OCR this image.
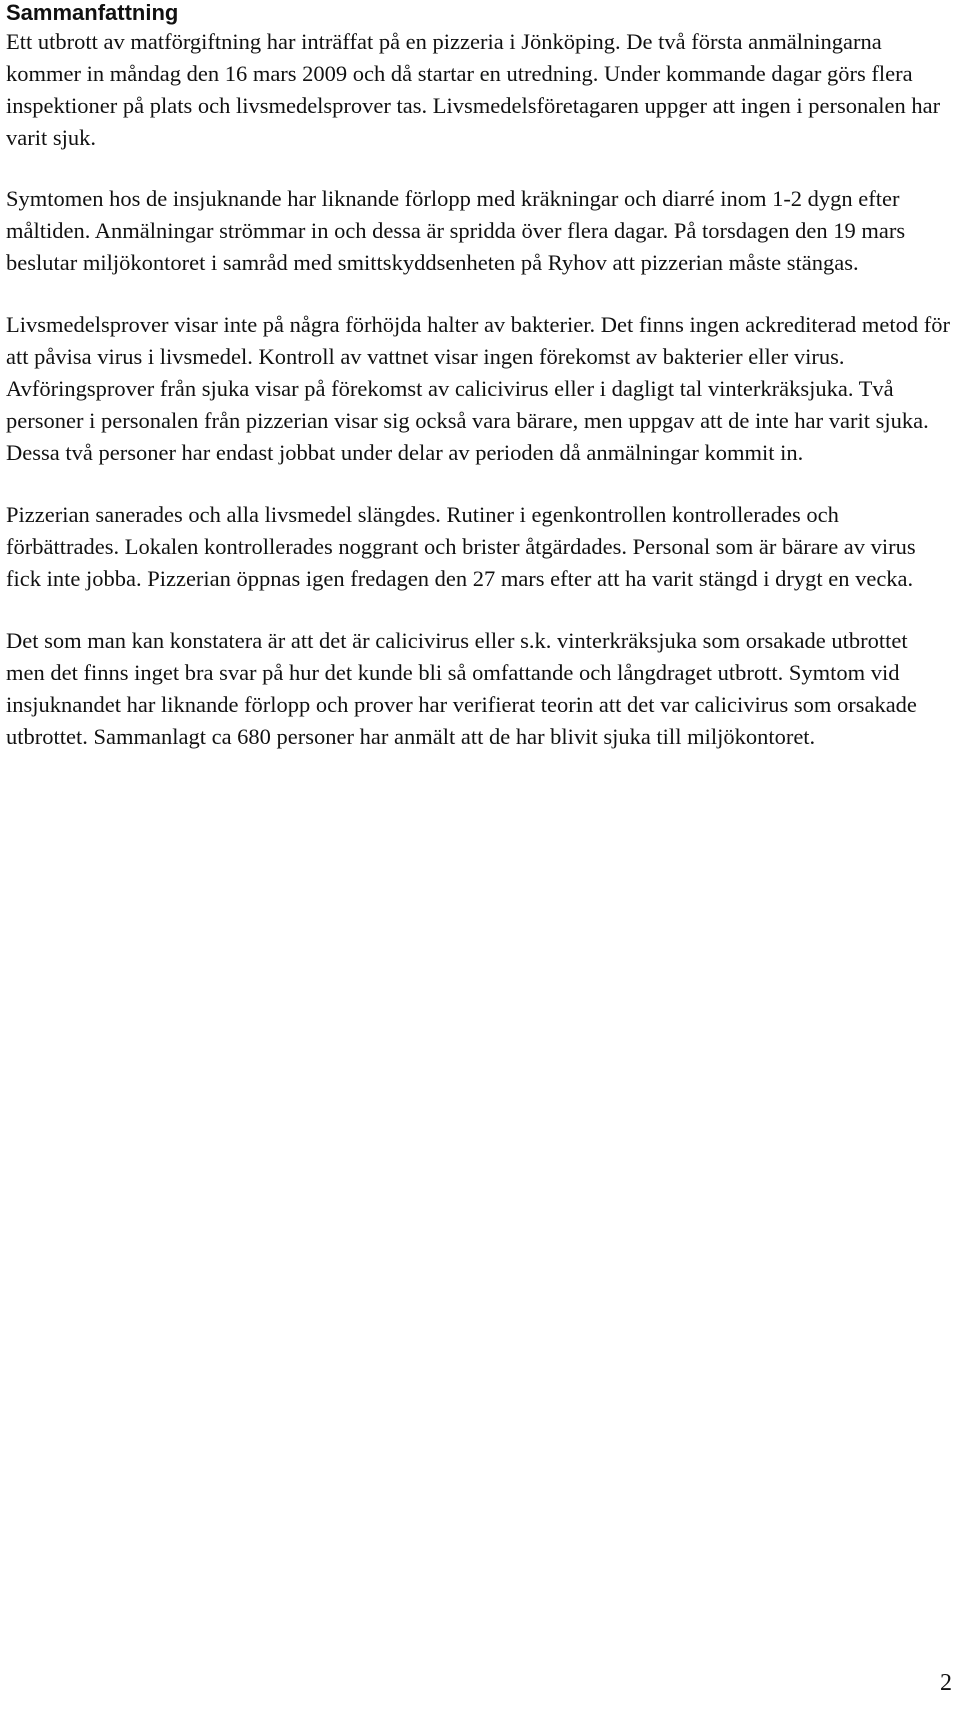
Sammanfattning

Ett utbrott av matförgiftning har inträffat på en pizzeria i Jönköping. De två första anmälningarna kommer in måndag den 16 mars 2009 och då startar en utredning. Under kommande dagar görs flera inspektioner på plats och livsmedelsprover tas. Livsmedelsföretagaren uppger att ingen i personalen har varit sjuk.

Symtomen hos de insjuknande har liknande förlopp med kräkningar och diarré inom 1-2 dygn efter måltiden. Anmälningar strömmar in och dessa är spridda över flera dagar. På torsdagen den 19 mars beslutar miljökontoret i samråd med smittskyddsenheten på Ryhov att pizzerian måste stängas.

Livsmedelsprover visar inte på några förhöjda halter av bakterier. Det finns ingen ackrediterad metod för att påvisa virus i livsmedel. Kontroll av vattnet visar ingen förekomst av bakterier eller virus. Avföringsprover från sjuka visar på förekomst av calicivirus eller i dagligt tal vinterkräksjuka. Två personer i personalen från pizzerian visar sig också vara bärare, men uppgav att de inte har varit sjuka. Dessa två personer har endast jobbat under delar av perioden då anmälningar kommit in.

Pizzerian sanerades och alla livsmedel slängdes. Rutiner i egenkontrollen kontrollerades och förbättrades. Lokalen kontrollerades noggrant och brister åtgärdades. Personal som är bärare av virus fick inte jobba. Pizzerian öppnas igen fredagen den 27 mars efter att ha varit stängd i drygt en vecka.

Det som man kan konstatera är att det är calicivirus eller s.k. vinterkräksjuka som orsakade utbrottet men det finns inget bra svar på hur det kunde bli så omfattande och långdraget utbrott. Symtom vid insjuknandet har liknande förlopp och prover har verifierat teorin att det var calicivirus som orsakade utbrottet. Sammanlagt ca 680 personer har anmält att de har blivit sjuka till miljökontoret.

2
